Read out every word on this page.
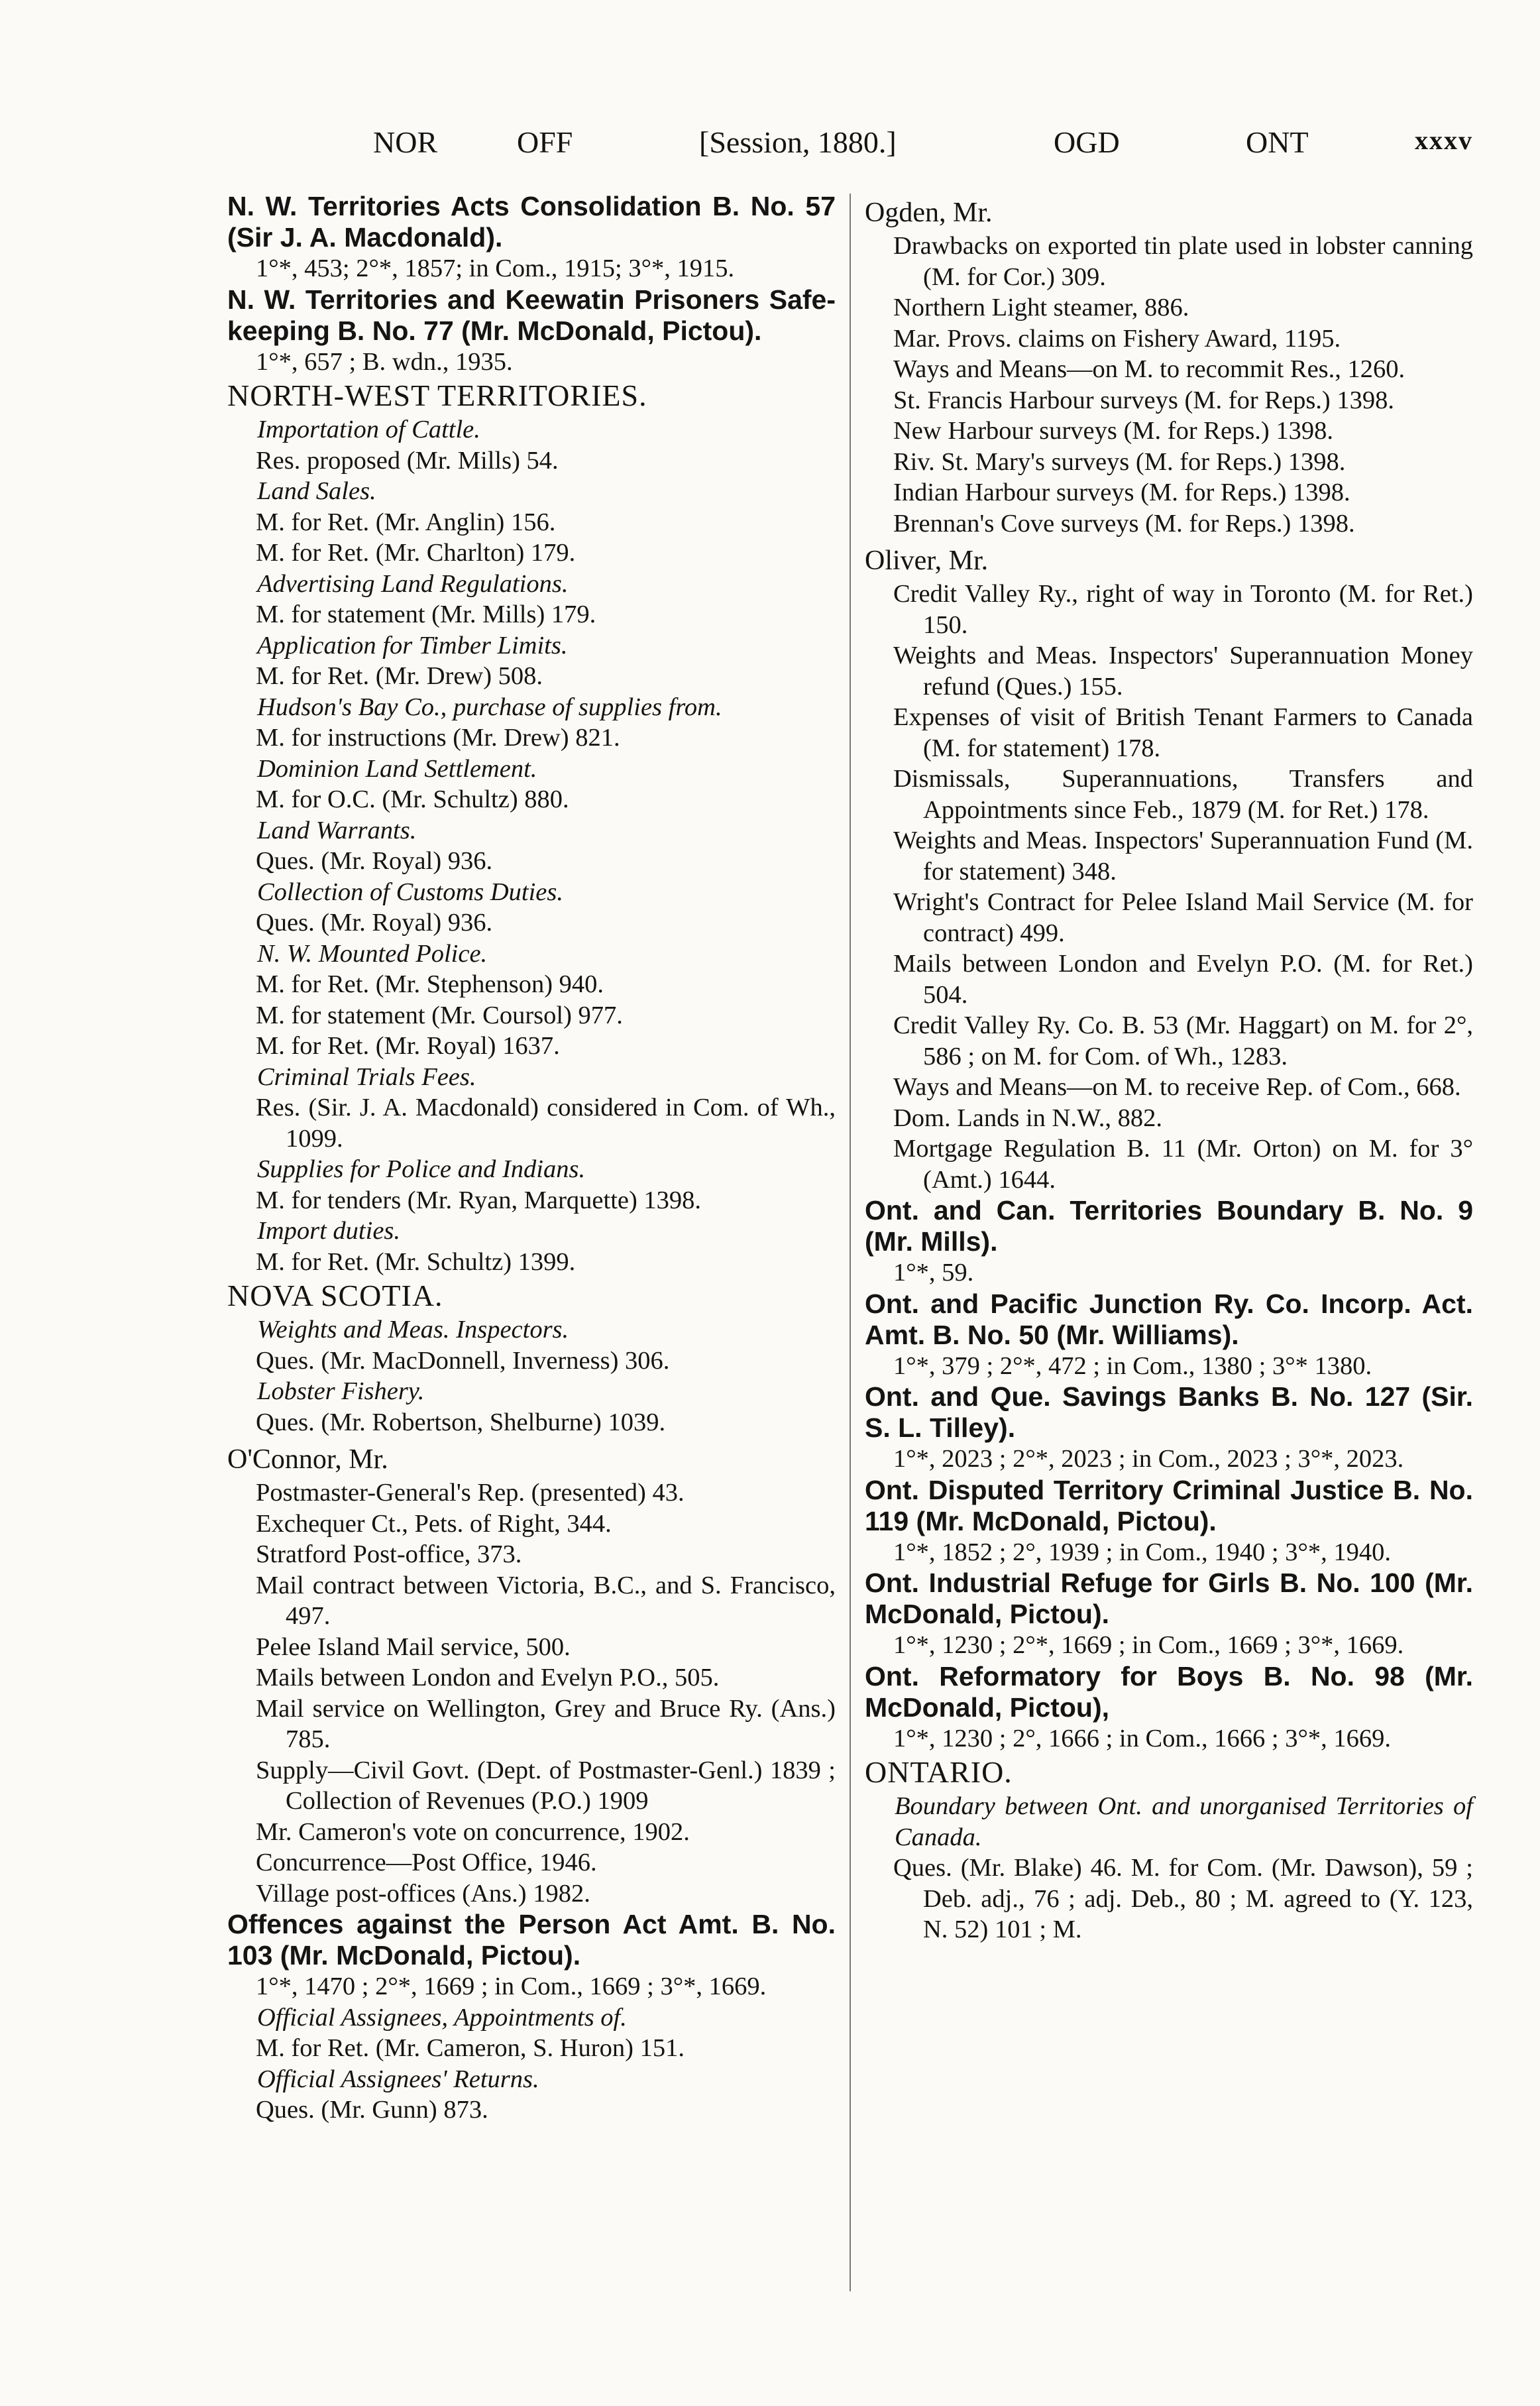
NOR	OFF	[Session, 1880.]	OGD	ONT	xxxv

N. W. Territories Acts Consolidation B. No. 57 (Sir J. A. Macdonald).

1°*, 453; 2°*, 1857; in Com., 1915; 3°*, 1915.

N. W. Territories and Keewatin Prisoners Safe-keeping B. No. 77 (Mr. McDonald, Pictou).

1°*, 657 ; B. wdn., 1935.

NORTH-WEST TERRITORIES.

Importation of Cattle.

Res. proposed (Mr. Mills) 54.

Land Sales.

M. for Ret. (Mr. Anglin) 156.

M. for Ret. (Mr. Charlton) 179.

Advertising Land Regulations.

M. for statement (Mr. Mills) 179.

Application for Timber Limits.

M. for Ret. (Mr. Drew) 508.

Hudson's Bay Co., purchase of supplies from.

M. for instructions (Mr. Drew) 821.

Dominion Land Settlement.

M. for O.C. (Mr. Schultz) 880.

Land Warrants.

Ques. (Mr. Royal) 936.

Collection of Customs Duties.

Ques. (Mr. Royal) 936.

N. W. Mounted Police.

M. for Ret. (Mr. Stephenson) 940.

M. for statement (Mr. Coursol) 977.

M. for Ret. (Mr. Royal) 1637.

Criminal Trials Fees.

Res. (Sir. J. A. Macdonald) considered in Com. of Wh., 1099.

Supplies for Police and Indians.

M. for tenders (Mr. Ryan, Marquette) 1398.

Import duties.

M. for Ret. (Mr. Schultz) 1399.

NOVA SCOTIA.

Weights and Meas. Inspectors.

Ques. (Mr. MacDonnell, Inverness) 306.

Lobster Fishery.

Ques. (Mr. Robertson, Shelburne) 1039.

O'Connor, Mr.

Postmaster-General's Rep. (presented) 43.

Exchequer Ct., Pets. of Right, 344.

Stratford Post-office, 373.

Mail contract between Victoria, B.C., and S. Francisco, 497.

Pelee Island Mail service, 500.

Mails between London and Evelyn P.O., 505.

Mail service on Wellington, Grey and Bruce Ry. (Ans.) 785.

Supply—Civil Govt. (Dept. of Postmaster-Genl.) 1839 ; Collection of Revenues (P.O.) 1909

Mr. Cameron's vote on concurrence, 1902.

Concurrence—Post Office, 1946.

Village post-offices (Ans.) 1982.

Offences against the Person Act Amt. B. No. 103 (Mr. McDonald, Pictou).

1°*, 1470 ; 2°*, 1669 ; in Com., 1669 ; 3°*, 1669.

Official Assignees, Appointments of.

M. for Ret. (Mr. Cameron, S. Huron) 151.

Official Assignees' Returns.

Ques. (Mr. Gunn) 873.

Ogden, Mr.

Drawbacks on exported tin plate used in lobster canning (M. for Cor.) 309.

Northern Light steamer, 886.

Mar. Provs. claims on Fishery Award, 1195.

Ways and Means—on M. to recommit Res., 1260.

St. Francis Harbour surveys (M. for Reps.) 1398.

New Harbour surveys (M. for Reps.) 1398.

Riv. St. Mary's surveys (M. for Reps.) 1398.

Indian Harbour surveys (M. for Reps.) 1398.

Brennan's Cove surveys (M. for Reps.) 1398.

Oliver, Mr.

Credit Valley Ry., right of way in Toronto (M. for Ret.) 150.

Weights and Meas. Inspectors' Superannuation Money refund (Ques.) 155.

Expenses of visit of British Tenant Farmers to Canada (M. for statement) 178.

Dismissals, Superannuations, Transfers and Appointments since Feb., 1879 (M. for Ret.) 178.

Weights and Meas. Inspectors' Superannuation Fund (M. for statement) 348.

Wright's Contract for Pelee Island Mail Service (M. for contract) 499.

Mails between London and Evelyn P.O. (M. for Ret.) 504.

Credit Valley Ry. Co. B. 53 (Mr. Haggart) on M. for 2°, 586 ; on M. for Com. of Wh., 1283.

Ways and Means—on M. to receive Rep. of Com., 668.

Dom. Lands in N.W., 882.

Mortgage Regulation B. 11 (Mr. Orton) on M. for 3° (Amt.) 1644.

Ont. and Can. Territories Boundary B. No. 9 (Mr. Mills).

1°*, 59.

Ont. and Pacific Junction Ry. Co. Incorp. Act. Amt. B. No. 50 (Mr. Williams).

1°*, 379 ; 2°*, 472 ; in Com., 1380 ; 3°* 1380.

Ont. and Que. Savings Banks B. No. 127 (Sir. S. L. Tilley).

1°*, 2023 ; 2°*, 2023 ; in Com., 2023 ; 3°*, 2023.

Ont. Disputed Territory Criminal Justice B. No. 119 (Mr. McDonald, Pictou).

1°*, 1852 ; 2°, 1939 ; in Com., 1940 ; 3°*, 1940.

Ont. Industrial Refuge for Girls B. No. 100 (Mr. McDonald, Pictou).

1°*, 1230 ; 2°*, 1669 ; in Com., 1669 ; 3°*, 1669.

Ont. Reformatory for Boys B. No. 98 (Mr. McDonald, Pictou),

1°*, 1230 ; 2°, 1666 ; in Com., 1666 ; 3°*, 1669.

ONTARIO.

Boundary between Ont. and unorganised Territories of Canada.

Ques. (Mr. Blake) 46. M. for Com. (Mr. Dawson), 59 ; Deb. adj., 76 ; adj. Deb., 80 ; M. agreed to (Y. 123, N. 52) 101 ; M.
